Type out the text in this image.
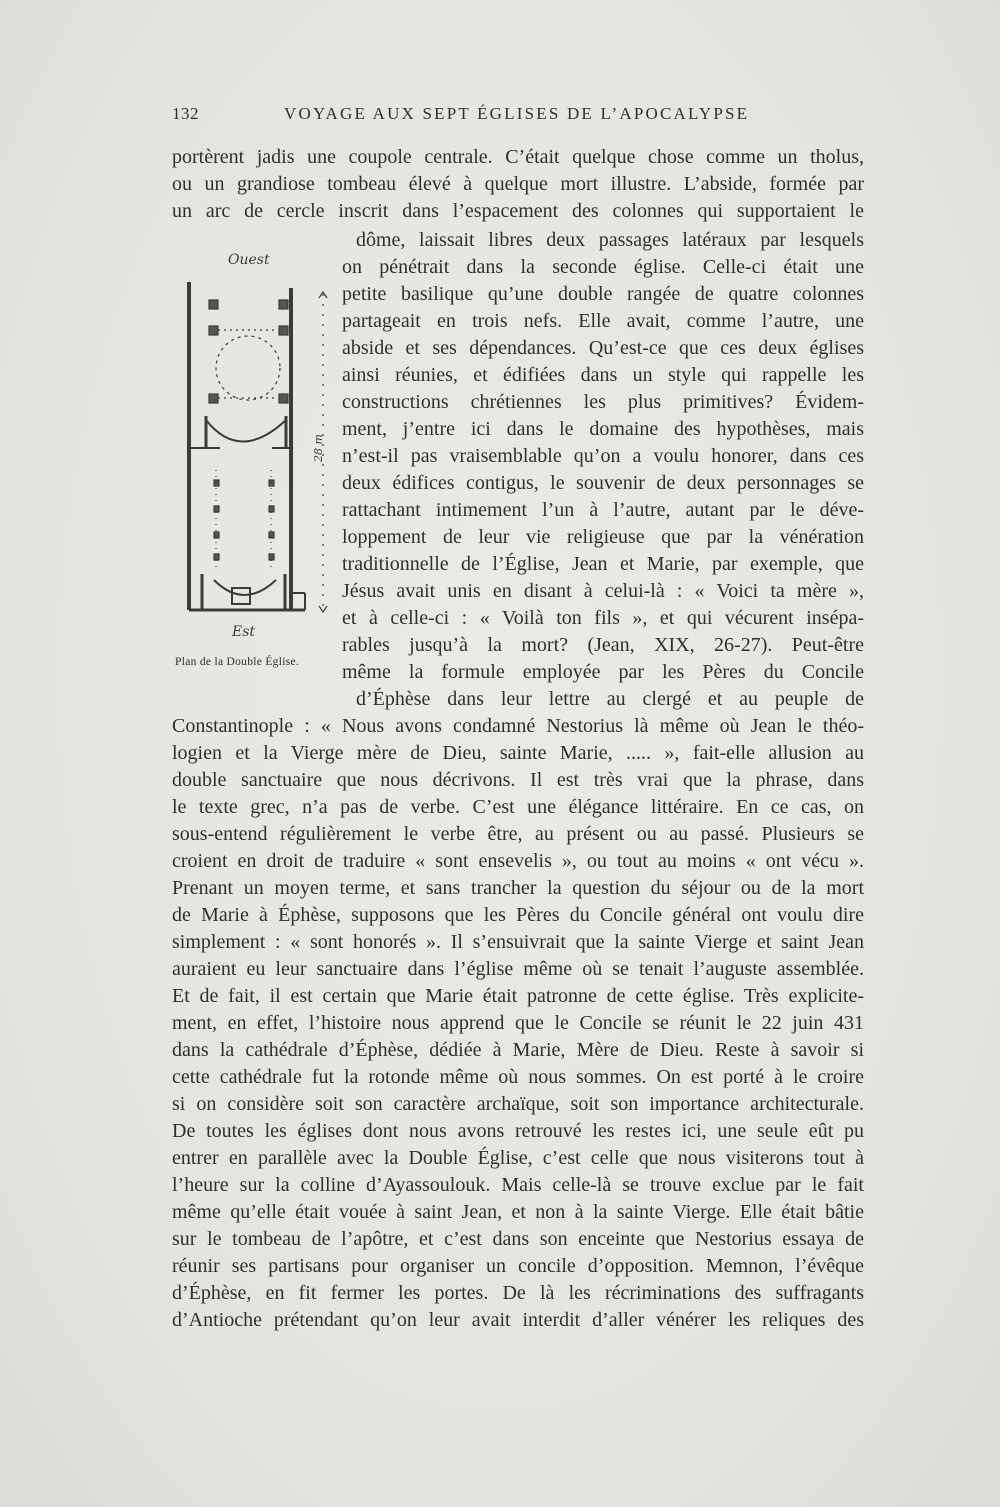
132	VOYAGE AUX SEPT ÉGLISES DE L’APOCALYPSE
Ouest
28 m
Est
Plan de la Double Église.
portèrent jadis une coupole centrale. C’était quelque chose comme un tholus,
ou un grandiose tombeau élevé à quelque mort illustre. L’abside, formée par
un arc de cercle inscrit dans l’espacement des colonnes qui supportaient le
dôme, laissait libres deux passages latéraux par lesquels
on pénétrait dans la seconde église. Celle-ci était une
petite basilique qu’une double rangée de quatre colonnes
partageait en trois nefs. Elle avait, comme l’autre, une
abside et ses dépendances. Qu’est-ce que ces deux églises
ainsi réunies, et édifiées dans un style qui rappelle les
constructions chrétiennes les plus primitives? Évidem-
ment, j’entre ici dans le domaine des hypothèses, mais
n’est-il pas vraisemblable qu’on a voulu honorer, dans ces
deux édifices contigus, le souvenir de deux personnages se
rattachant intimement l’un à l’autre, autant par le déve-
loppement de leur vie religieuse que par la vénération
traditionnelle de l’Église, Jean et Marie, par exemple, que
Jésus avait unis en disant à celui-là : « Voici ta mère »,
et à celle-ci : « Voilà ton fils », et qui vécurent insépa-
rables jusqu’à la mort? (Jean, XIX, 26-27). Peut-être
même la formule employée par les Pères du Concile
d’Éphèse dans leur lettre au clergé et au peuple de
Constantinople : « Nous avons condamné Nestorius là même où Jean le théo-
logien et la Vierge mère de Dieu, sainte Marie, ..... », fait-elle allusion au
double sanctuaire que nous décrivons. Il est très vrai que la phrase, dans
le texte grec, n’a pas de verbe. C’est une élégance littéraire. En ce cas, on
sous-entend régulièrement le verbe être, au présent ou au passé. Plusieurs se
croient en droit de traduire « sont ensevelis », ou tout au moins « ont vécu ».
Prenant un moyen terme, et sans trancher la question du séjour ou de la mort
de Marie à Éphèse, supposons que les Pères du Concile général ont voulu dire
simplement : « sont honorés ». Il s’ensuivrait que la sainte Vierge et saint Jean
auraient eu leur sanctuaire dans l’église même où se tenait l’auguste assemblée.
Et de fait, il est certain que Marie était patronne de cette église. Très explicite-
ment, en effet, l’histoire nous apprend que le Concile se réunit le 22 juin 431
dans la cathédrale d’Éphèse, dédiée à Marie, Mère de Dieu. Reste à savoir si
cette cathédrale fut la rotonde même où nous sommes. On est porté à le croire
si on considère soit son caractère archaïque, soit son importance architecturale.
De toutes les églises dont nous avons retrouvé les restes ici, une seule eût pu
entrer en parallèle avec la Double Église, c’est celle que nous visiterons tout à
l’heure sur la colline d’Ayassoulouk. Mais celle-là se trouve exclue par le fait
même qu’elle était vouée à saint Jean, et non à la sainte Vierge. Elle était bâtie
sur le tombeau de l’apôtre, et c’est dans son enceinte que Nestorius essaya de
réunir ses partisans pour organiser un concile d’opposition. Memnon, l’évêque
d’Éphèse, en fit fermer les portes. De là les récriminations des suffragants
d’Antioche prétendant qu’on leur avait interdit d’aller vénérer les reliques des
